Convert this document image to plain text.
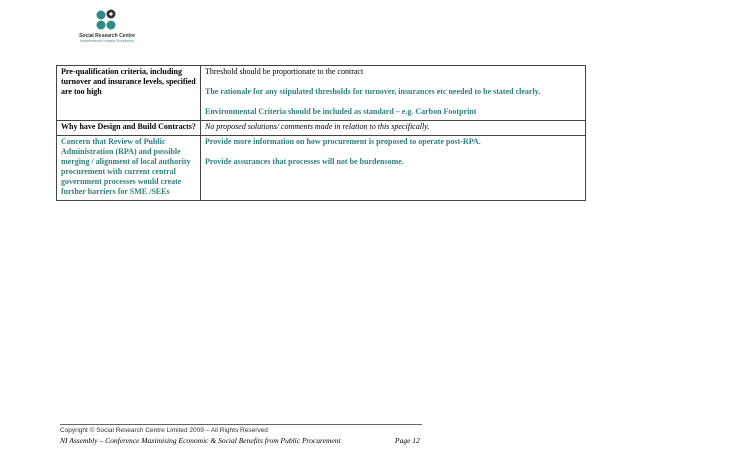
Social Research Centre
Independence Integrity Excellence
Pre-qualification criteria, including turnover and insurance levels, specified are too high	Threshold should be proportionate to the contract
The rationale for any stipulated thresholds for turnover, insurances etc needed to be stated clearly.
Environmental Criteria should be included as standard – e.g. Carbon Footprint

Why have Design and Build Contracts?	No proposed solutions/ comments made in relation to this specifically.
Concern that Review of Public Administration (RPA) and possible merging / alignment of local authority procurement with current central government processes would create further barriers for SME /SEEs	Provide more information on how procurement is proposed to operate post-RPA.
Provide assurances that processes will not be burdensome.
Copyright © Social Research Centre Limited 2009 – All Rights Reserved
NI Assembly – Conference Maximising Economic & Social Benefits from Public Procurement	Page 12
